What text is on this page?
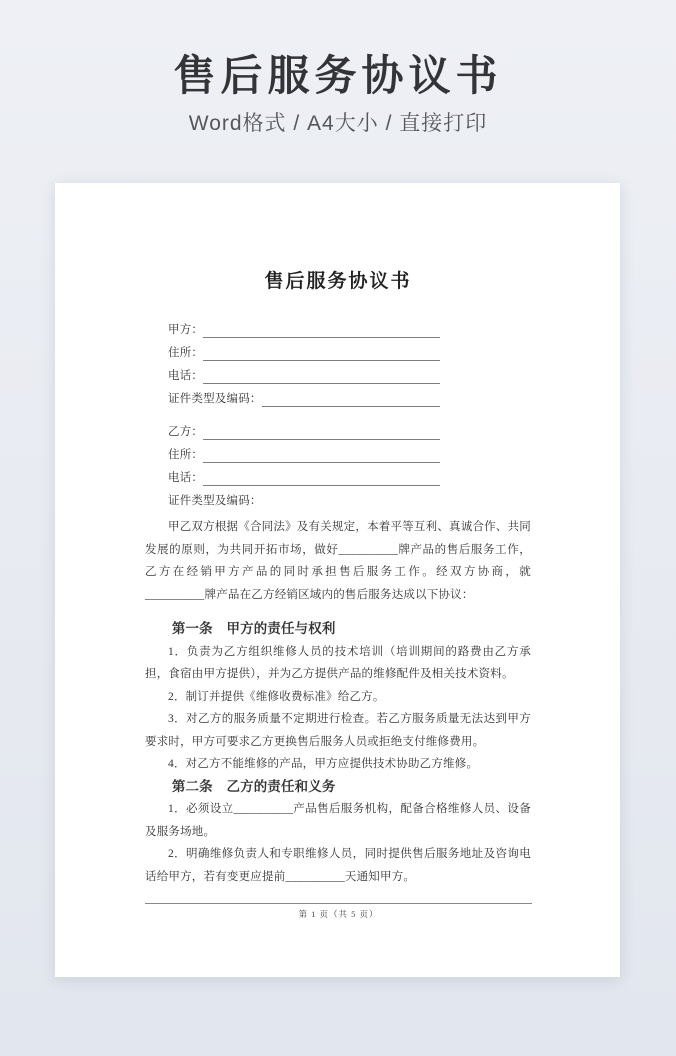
售后服务协议书

Word格式 / A4大小 / 直接打印

售后服务协议书
甲方：
住所：
电话：
证件类型及编码：
乙方：
住所：
电话：
证件类型及编码：

甲乙双方根据《合同法》及有关规定，本着平等互利、真诚合作、共同发展的原则，为共同开拓市场，做好__________牌产品的售后服务工作，乙方在经销甲方产品的同时承担售后服务工作。经双方协商，就__________牌产品在乙方经销区域内的售后服务达成以下协议：

第一条　甲方的责任与权利

1．负责为乙方组织维修人员的技术培训（培训期间的路费由乙方承担，食宿由甲方提供），并为乙方提供产品的维修配件及相关技术资料。

2．制订并提供《维修收费标准》给乙方。

3．对乙方的服务质量不定期进行检查。若乙方服务质量无法达到甲方要求时，甲方可要求乙方更换售后服务人员或拒绝支付维修费用。

4．对乙方不能维修的产品，甲方应提供技术协助乙方维修。

第二条　乙方的责任和义务

1．必须设立__________产品售后服务机构，配备合格维修人员、设备及服务场地。

2．明确维修负责人和专职维修人员，同时提供售后服务地址及咨询电话给甲方，若有变更应提前__________天通知甲方。

第 1 页（共 5 页）
